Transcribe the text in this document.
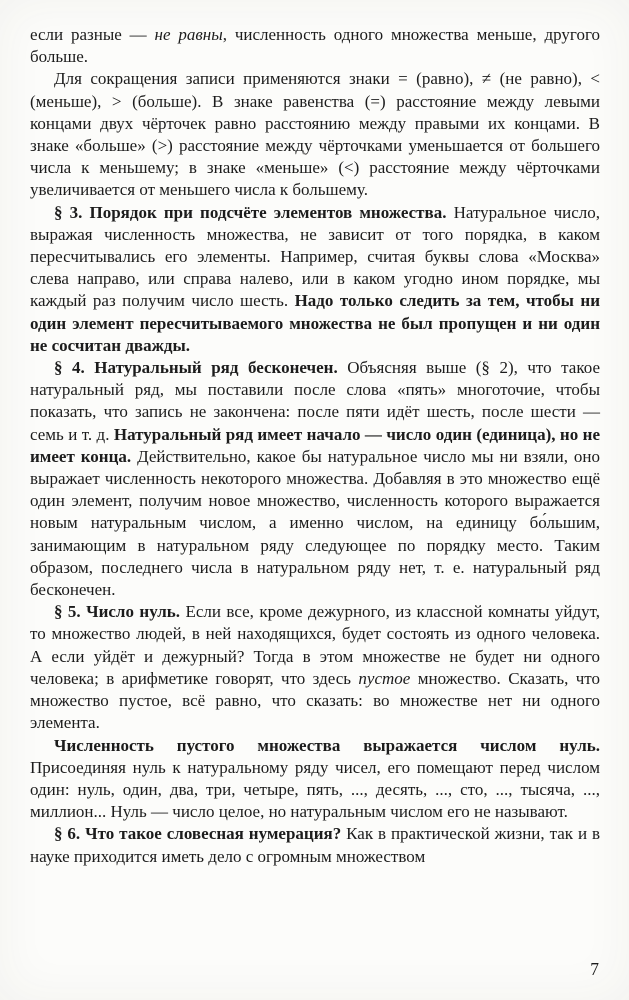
если разные — не равны, численность одного множества меньше, другого больше.

Для сокращения записи применяются знаки = (равно), ≠ (не равно), < (меньше), > (больше). В знаке равенства (=) расстояние между левыми концами двух чёрточек равно расстоянию между правыми их концами. В знаке «больше» (>) расстояние между чёрточками уменьшается от большего числа к меньшему; в знаке «меньше» (<) расстояние между чёрточками увеличивается от меньшего числа к большему.

§ 3. Порядок при подсчёте элементов множества. Натуральное число, выражая численность множества, не зависит от того порядка, в каком пересчитывались его элементы. Например, считая буквы слова «Москва» слева направо, или справа налево, или в каком угодно ином порядке, мы каждый раз получим число шесть. Надо только следить за тем, чтобы ни один элемент пересчитываемого множества не был пропущен и ни один не сосчитан дважды.

§ 4. Натуральный ряд бесконечен. Объясняя выше (§ 2), что такое натуральный ряд, мы поставили после слова «пять» многоточие, чтобы показать, что запись не закончена: после пяти идёт шесть, после шести — семь и т. д. Натуральный ряд имеет начало — число один (единица), но не имеет конца. Действительно, какое бы натуральное число мы ни взяли, оно выражает численность некоторого множества. Добавляя в это множество ещё один элемент, получим новое множество, численность которого выражается новым натуральным числом, а именно числом, на единицу бо́льшим, занимающим в натуральном ряду следующее по порядку место. Таким образом, последнего числа в натуральном ряду нет, т. е. натуральный ряд бесконечен.

§ 5. Число нуль. Если все, кроме дежурного, из классной комнаты уйдут, то множество людей, в ней находящихся, будет состоять из одного человека. А если уйдёт и дежурный? Тогда в этом множестве не будет ни одного человека; в арифметике говорят, что здесь пустое множество. Сказать, что множество пустое, всё равно, что сказать: во множестве нет ни одного элемента.

Численность пустого множества выражается числом нуль. Присоединяя нуль к натуральному ряду чисел, его помещают перед числом один: нуль, один, два, три, четыре, пять, ..., десять, ..., сто, ..., тысяча, ..., миллион... Нуль — число целое, но натуральным числом его не называют.

§ 6. Что такое словесная нумерация? Как в практической жизни, так и в науке приходится иметь дело с огромным множеством

7
